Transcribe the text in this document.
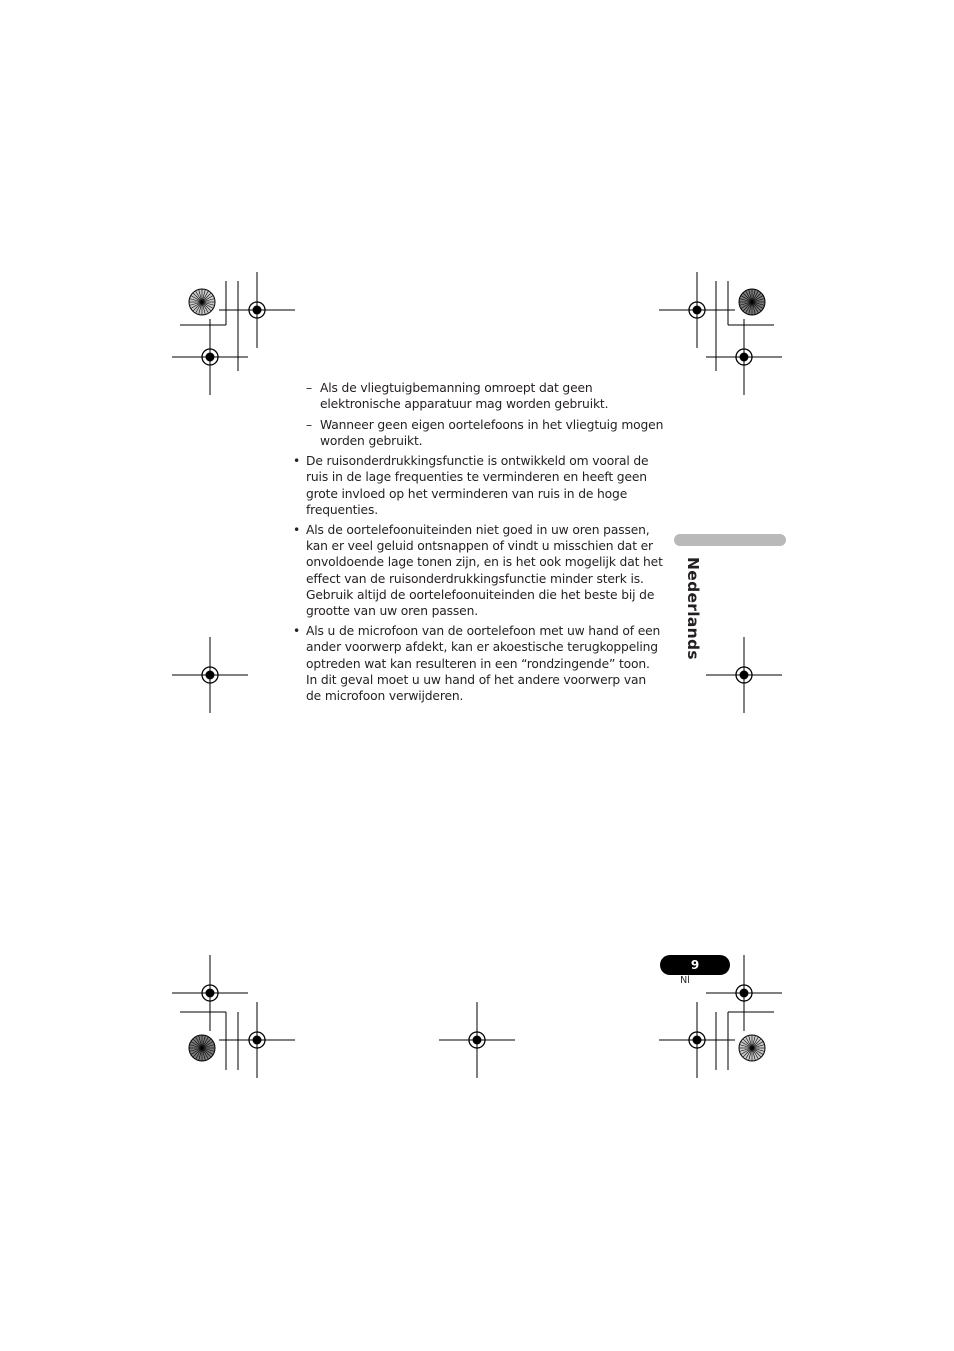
– Als de vliegtuigbemanning omroept dat geen elektronische apparatuur mag worden gebruikt.
– Wanneer geen eigen oortelefoons in het vliegtuig mogen worden gebruikt.
• De ruisonderdrukkingsfunctie is ontwikkeld om vooral de ruis in de lage frequenties te verminderen en heeft geen grote invloed op het verminderen van ruis in de hoge frequenties.
• Als de oortelefoonuiteinden niet goed in uw oren passen, kan er veel geluid ontsnappen of vindt u misschien dat er onvoldoende lage tonen zijn, en is het ook mogelijk dat het effect van de ruisonderdrukkingsfunctie minder sterk is. Gebruik altijd de oortelefoonuiteinden die het beste bij de grootte van uw oren passen.
• Als u de microfoon van de oortelefoon met uw hand of een ander voorwerp afdekt, kan er akoestische terugkoppeling optreden wat kan resulteren in een “rondzingende” toon. In dit geval moet u uw hand of het andere voorwerp van de microfoon verwijderen.
Nederlands
9
Nl
